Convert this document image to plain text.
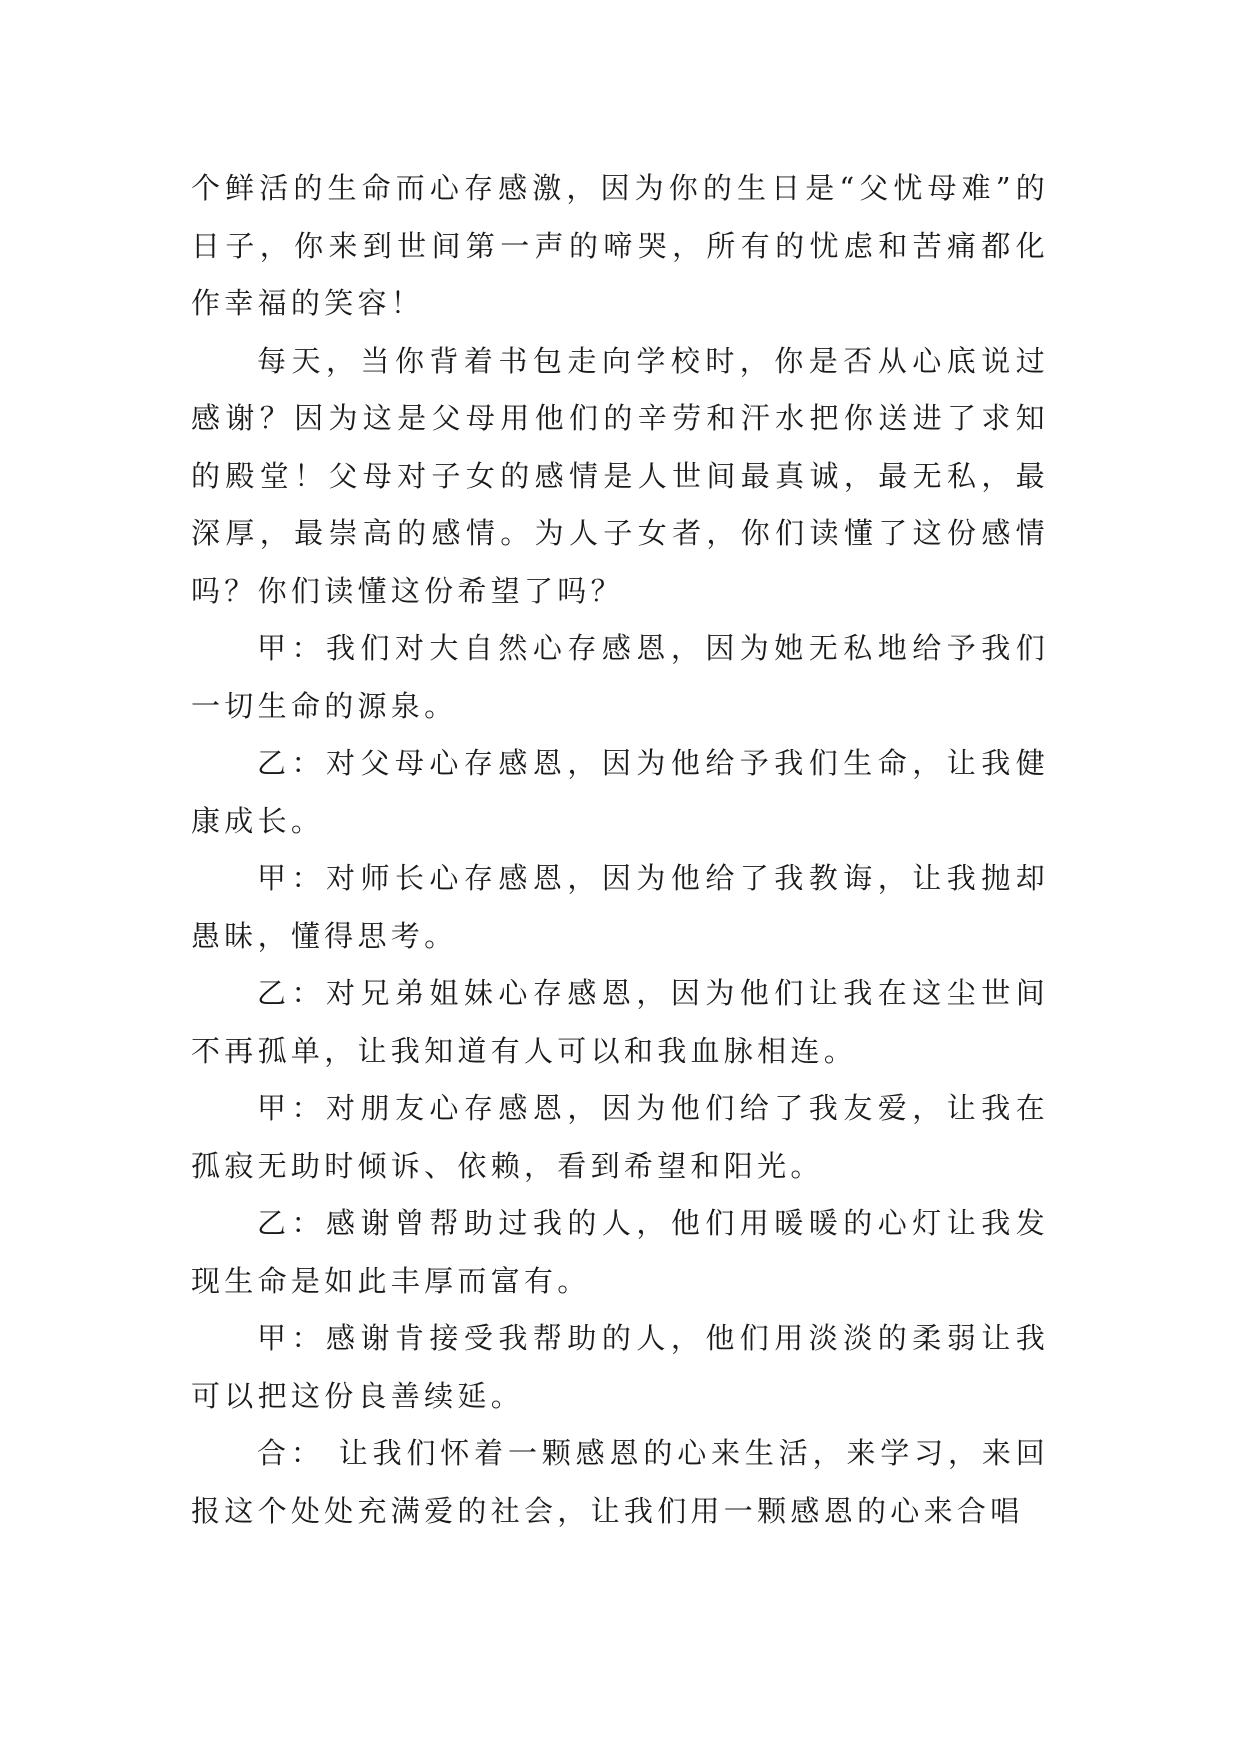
个鲜活的生命而心存感激，因为你的生日是“父忧母难”的日子，你来到世间第一声的啼哭，所有的忧虑和苦痛都化作幸福的笑容！

每天，当你背着书包走向学校时，你是否从心底说过感谢？因为这是父母用他们的辛劳和汗水把你送进了求知的殿堂！父母对子女的感情是人世间最真诚，最无私，最深厚，最崇高的感情。为人子女者，你们读懂了这份感情吗？你们读懂这份希望了吗？

甲：我们对大自然心存感恩，因为她无私地给予我们一切生命的源泉。

乙：对父母心存感恩，因为他给予我们生命，让我健康成长。

甲：对师长心存感恩，因为他给了我教诲，让我抛却愚昧，懂得思考。

乙：对兄弟姐妹心存感恩，因为他们让我在这尘世间不再孤单，让我知道有人可以和我血脉相连。

甲：对朋友心存感恩，因为他们给了我友爱，让我在孤寂无助时倾诉、依赖，看到希望和阳光。

乙：感谢曾帮助过我的人，他们用暖暖的心灯让我发现生命是如此丰厚而富有。

甲：感谢肯接受我帮助的人，他们用淡淡的柔弱让我可以把这份良善续延。

合： 让我们怀着一颗感恩的心来生活，来学习，来回报这个处处充满爱的社会，让我们用一颗感恩的心来合唱
